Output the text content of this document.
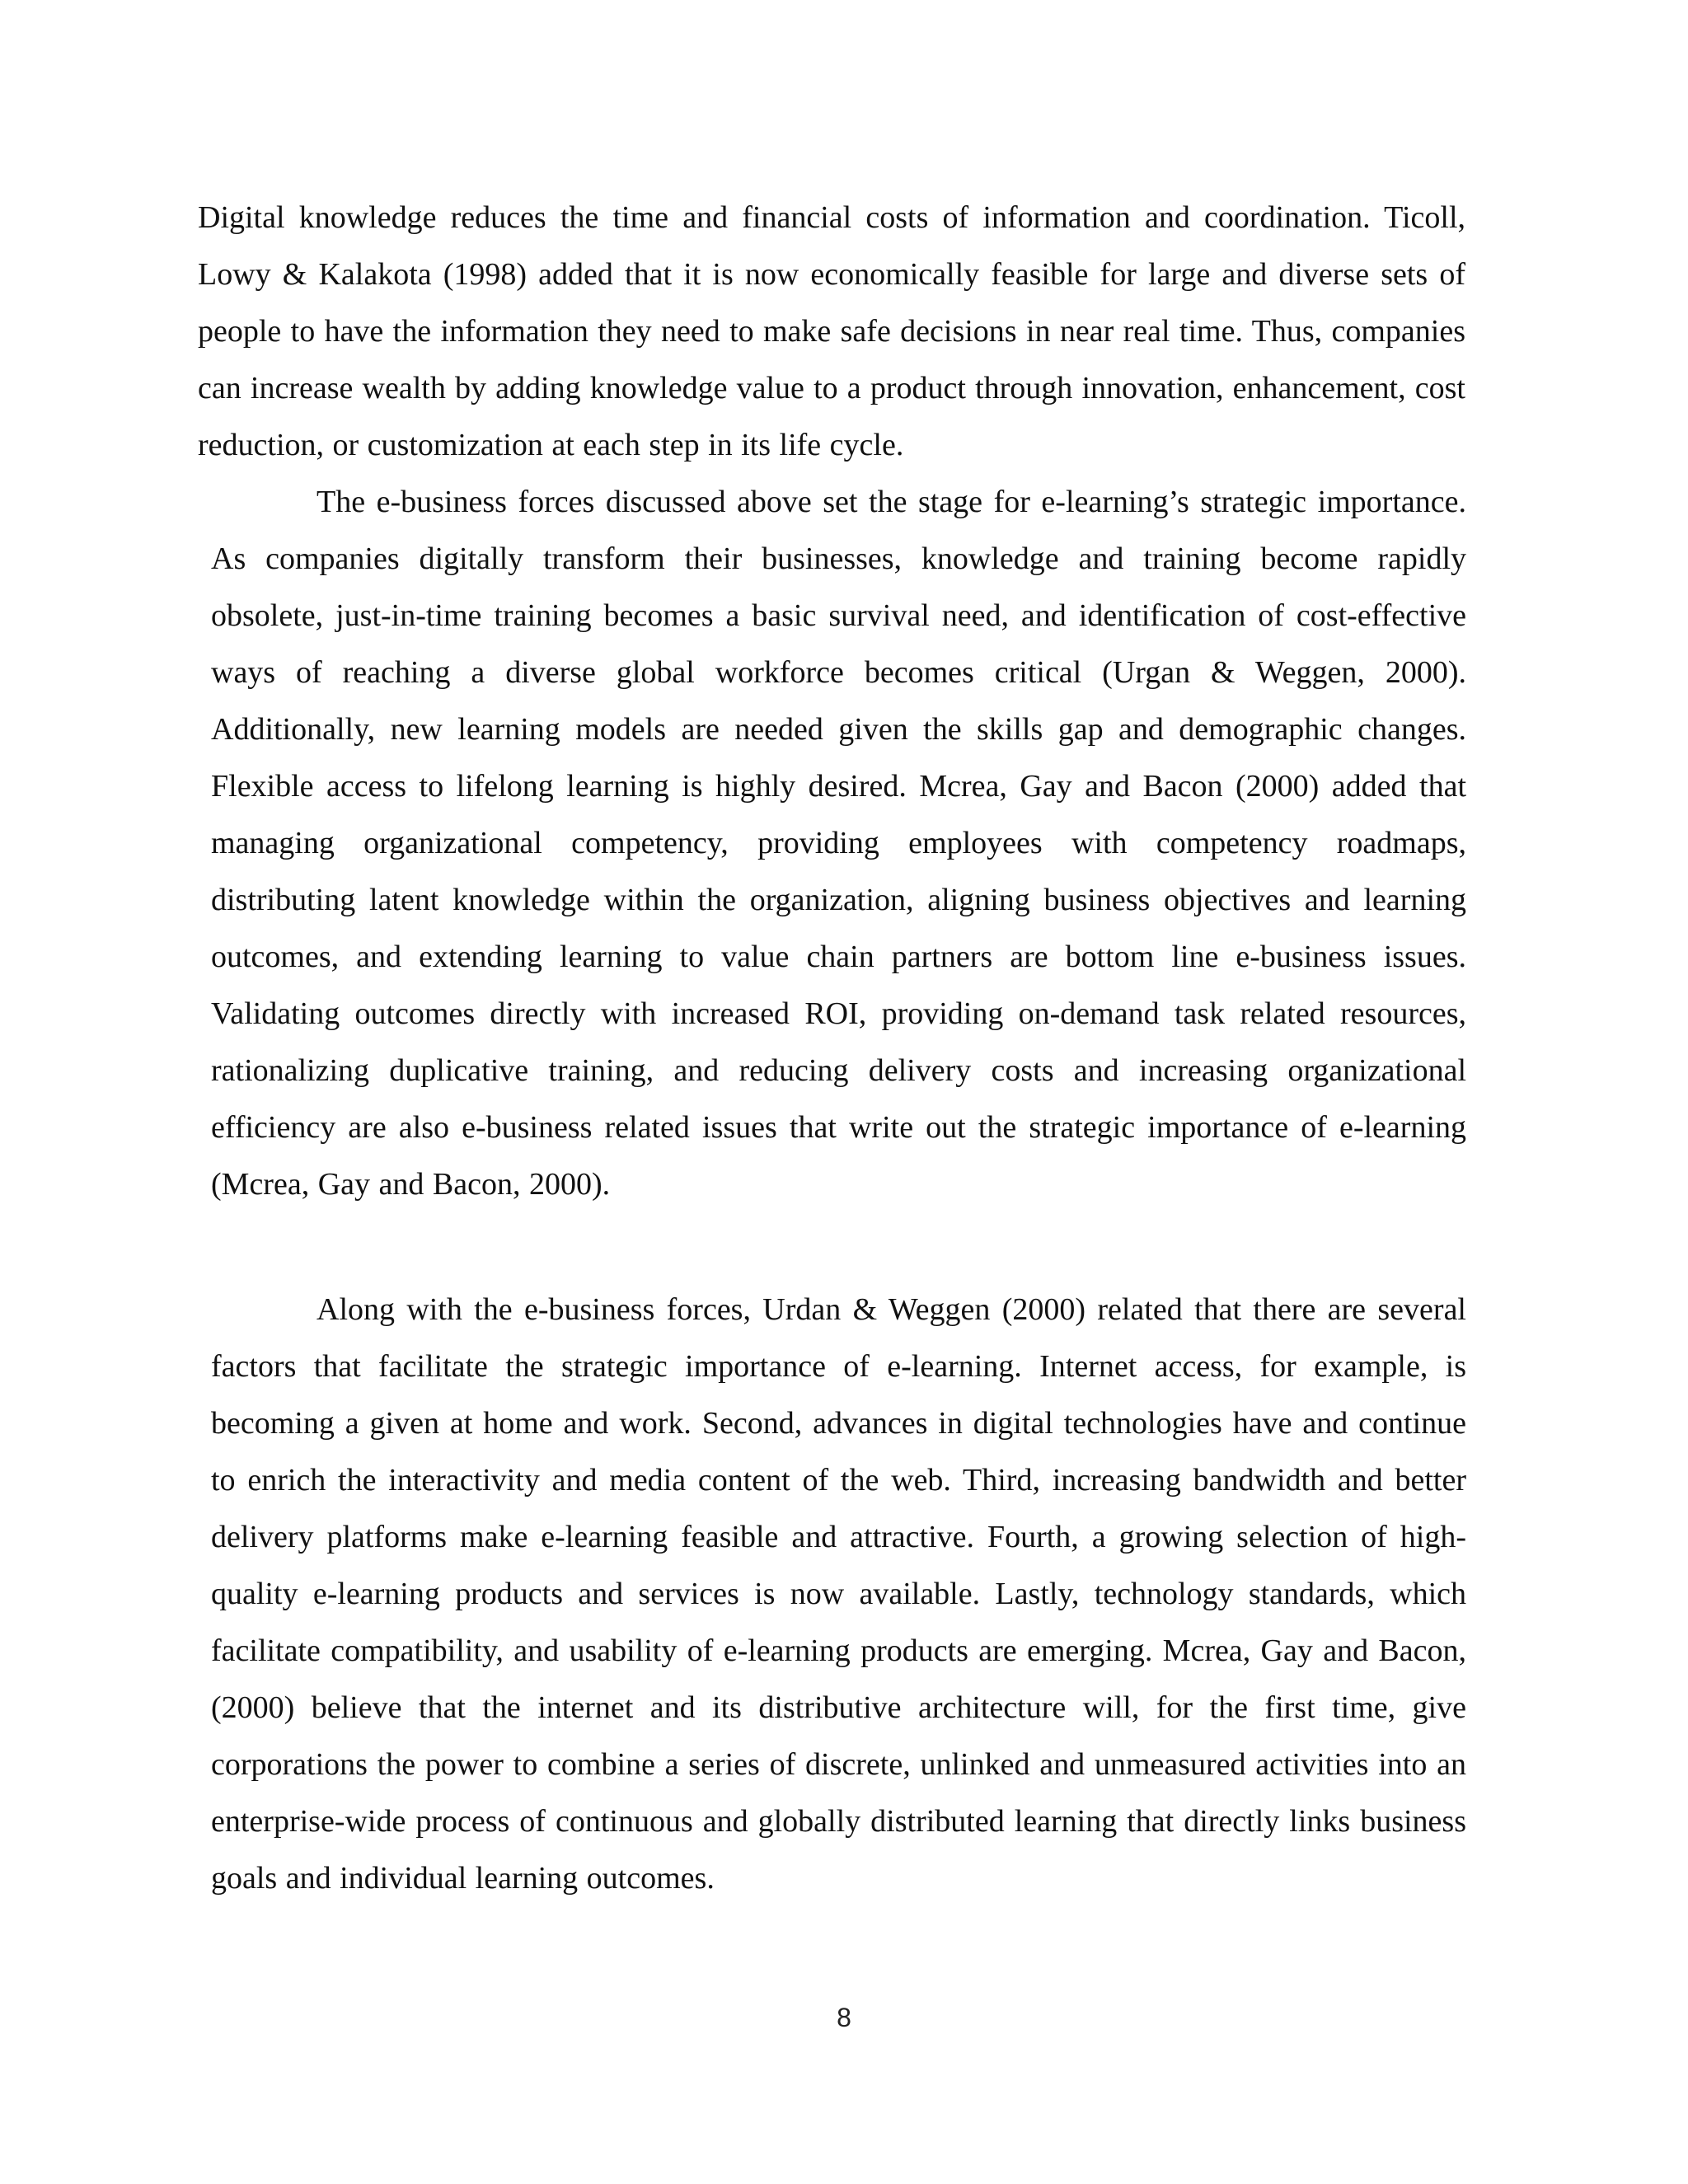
Digital knowledge reduces the time and financial costs of information and coordination. Ticoll, Lowy & Kalakota (1998) added that it is now economically feasible for large and diverse sets of people to have the information they need to make safe decisions in near real time. Thus, companies can increase wealth by adding knowledge value to a product through innovation, enhancement, cost reduction, or customization at each step in its life cycle.

The e-business forces discussed above set the stage for e-learning’s strategic importance. As companies digitally transform their businesses, knowledge and training become rapidly obsolete, just-in-time training becomes a basic survival need, and identification of cost-effective ways of reaching a diverse global workforce becomes critical (Urgan & Weggen, 2000). Additionally, new learning models are needed given the skills gap and demographic changes. Flexible access to lifelong learning is highly desired. Mcrea, Gay and Bacon (2000) added that managing organizational competency, providing employees with competency roadmaps, distributing latent knowledge within the organization, aligning business objectives and learning outcomes, and extending learning to value chain partners are bottom line e-business issues. Validating outcomes directly with increased ROI, providing on-demand task related resources, rationalizing duplicative training, and reducing delivery costs and increasing organizational efficiency are also e-business related issues that write out the strategic importance of e-learning (Mcrea, Gay and Bacon, 2000).

Along with the e-business forces, Urdan & Weggen (2000) related that there are several factors that facilitate the strategic importance of e-learning. Internet access, for example, is becoming a given at home and work. Second, advances in digital technologies have and continue to enrich the interactivity and media content of the web. Third, increasing bandwidth and better delivery platforms make e-learning feasible and attractive. Fourth, a growing selection of high-quality e-learning products and services is now available. Lastly, technology standards, which facilitate compatibility, and usability of e-learning products are emerging. Mcrea, Gay and Bacon, (2000) believe that the internet and its distributive architecture will, for the first time, give corporations the power to combine a series of discrete, unlinked and unmeasured activities into an enterprise-wide process of continuous and globally distributed learning that directly links business goals and individual learning outcomes.

8
